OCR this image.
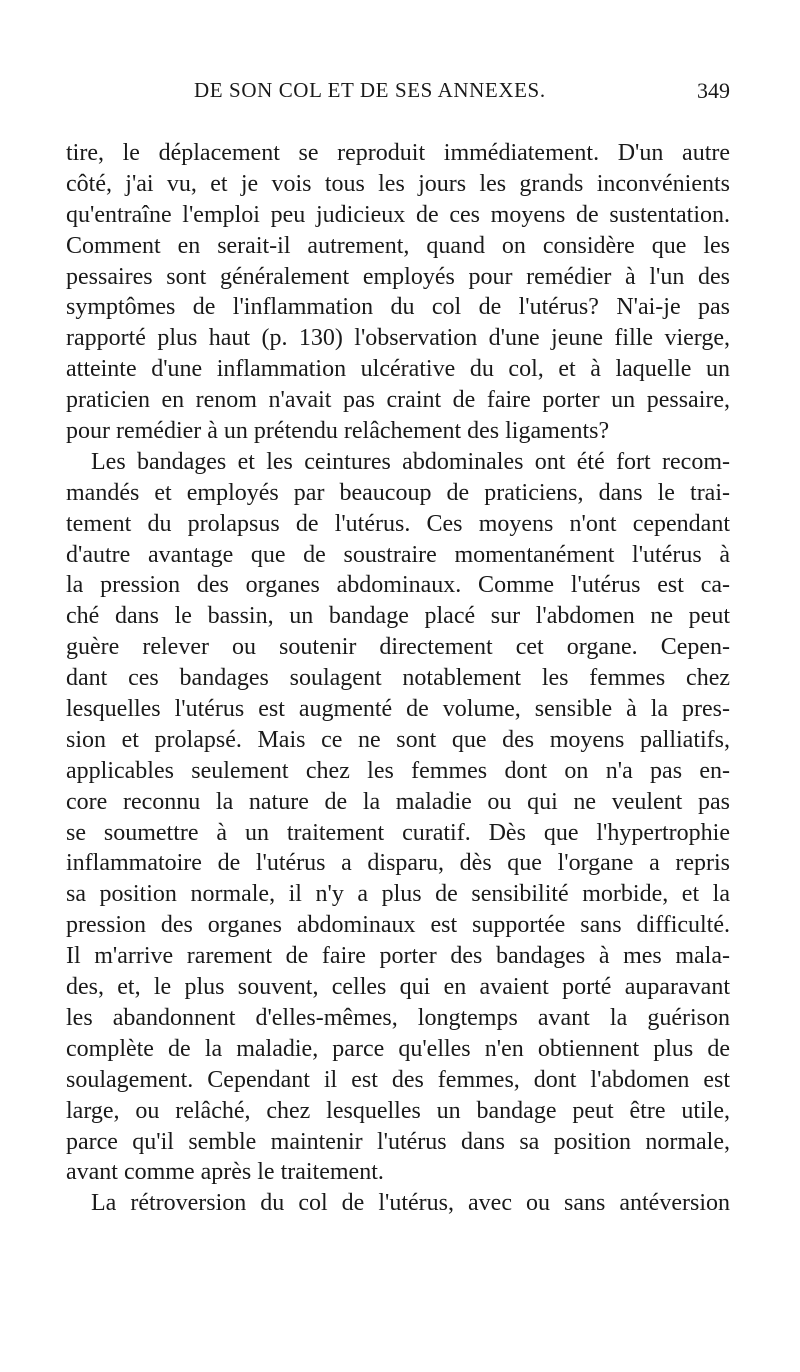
DE SON COL ET DE SES ANNEXES.	349
tire, le déplacement se reproduit immédiatement. D'un autre
côté, j'ai vu, et je vois tous les jours les grands inconvénients
qu'entraîne l'emploi peu judicieux de ces moyens de sustentation.
Comment en serait-il autrement, quand on considère que les
pessaires sont généralement employés pour remédier à l'un des
symptômes de l'inflammation du col de l'utérus? N'ai-je pas
rapporté plus haut (p. 130) l'observation d'une jeune fille vierge,
atteinte d'une inflammation ulcérative du col, et à laquelle un
praticien en renom n'avait pas craint de faire porter un pessaire,
pour remédier à un prétendu relâchement des ligaments?
Les bandages et les ceintures abdominales ont été fort recom-
mandés et employés par beaucoup de praticiens, dans le trai-
tement du prolapsus de l'utérus. Ces moyens n'ont cependant
d'autre avantage que de soustraire momentanément l'utérus à
la pression des organes abdominaux. Comme l'utérus est ca-
ché dans le bassin, un bandage placé sur l'abdomen ne peut
guère relever ou soutenir directement cet organe. Cepen-
dant ces bandages soulagent notablement les femmes chez
lesquelles l'utérus est augmenté de volume, sensible à la pres-
sion et prolapsé. Mais ce ne sont que des moyens palliatifs,
applicables seulement chez les femmes dont on n'a pas en-
core reconnu la nature de la maladie ou qui ne veulent pas
se soumettre à un traitement curatif. Dès que l'hypertrophie
inflammatoire de l'utérus a disparu, dès que l'organe a repris
sa position normale, il n'y a plus de sensibilité morbide, et la
pression des organes abdominaux est supportée sans difficulté.
Il m'arrive rarement de faire porter des bandages à mes mala-
des, et, le plus souvent, celles qui en avaient porté auparavant
les abandonnent d'elles-mêmes, longtemps avant la guérison
complète de la maladie, parce qu'elles n'en obtiennent plus de
soulagement. Cependant il est des femmes, dont l'abdomen est
large, ou relâché, chez lesquelles un bandage peut être utile,
parce qu'il semble maintenir l'utérus dans sa position normale,
avant comme après le traitement.
La rétroversion du col de l'utérus, avec ou sans antéversion
